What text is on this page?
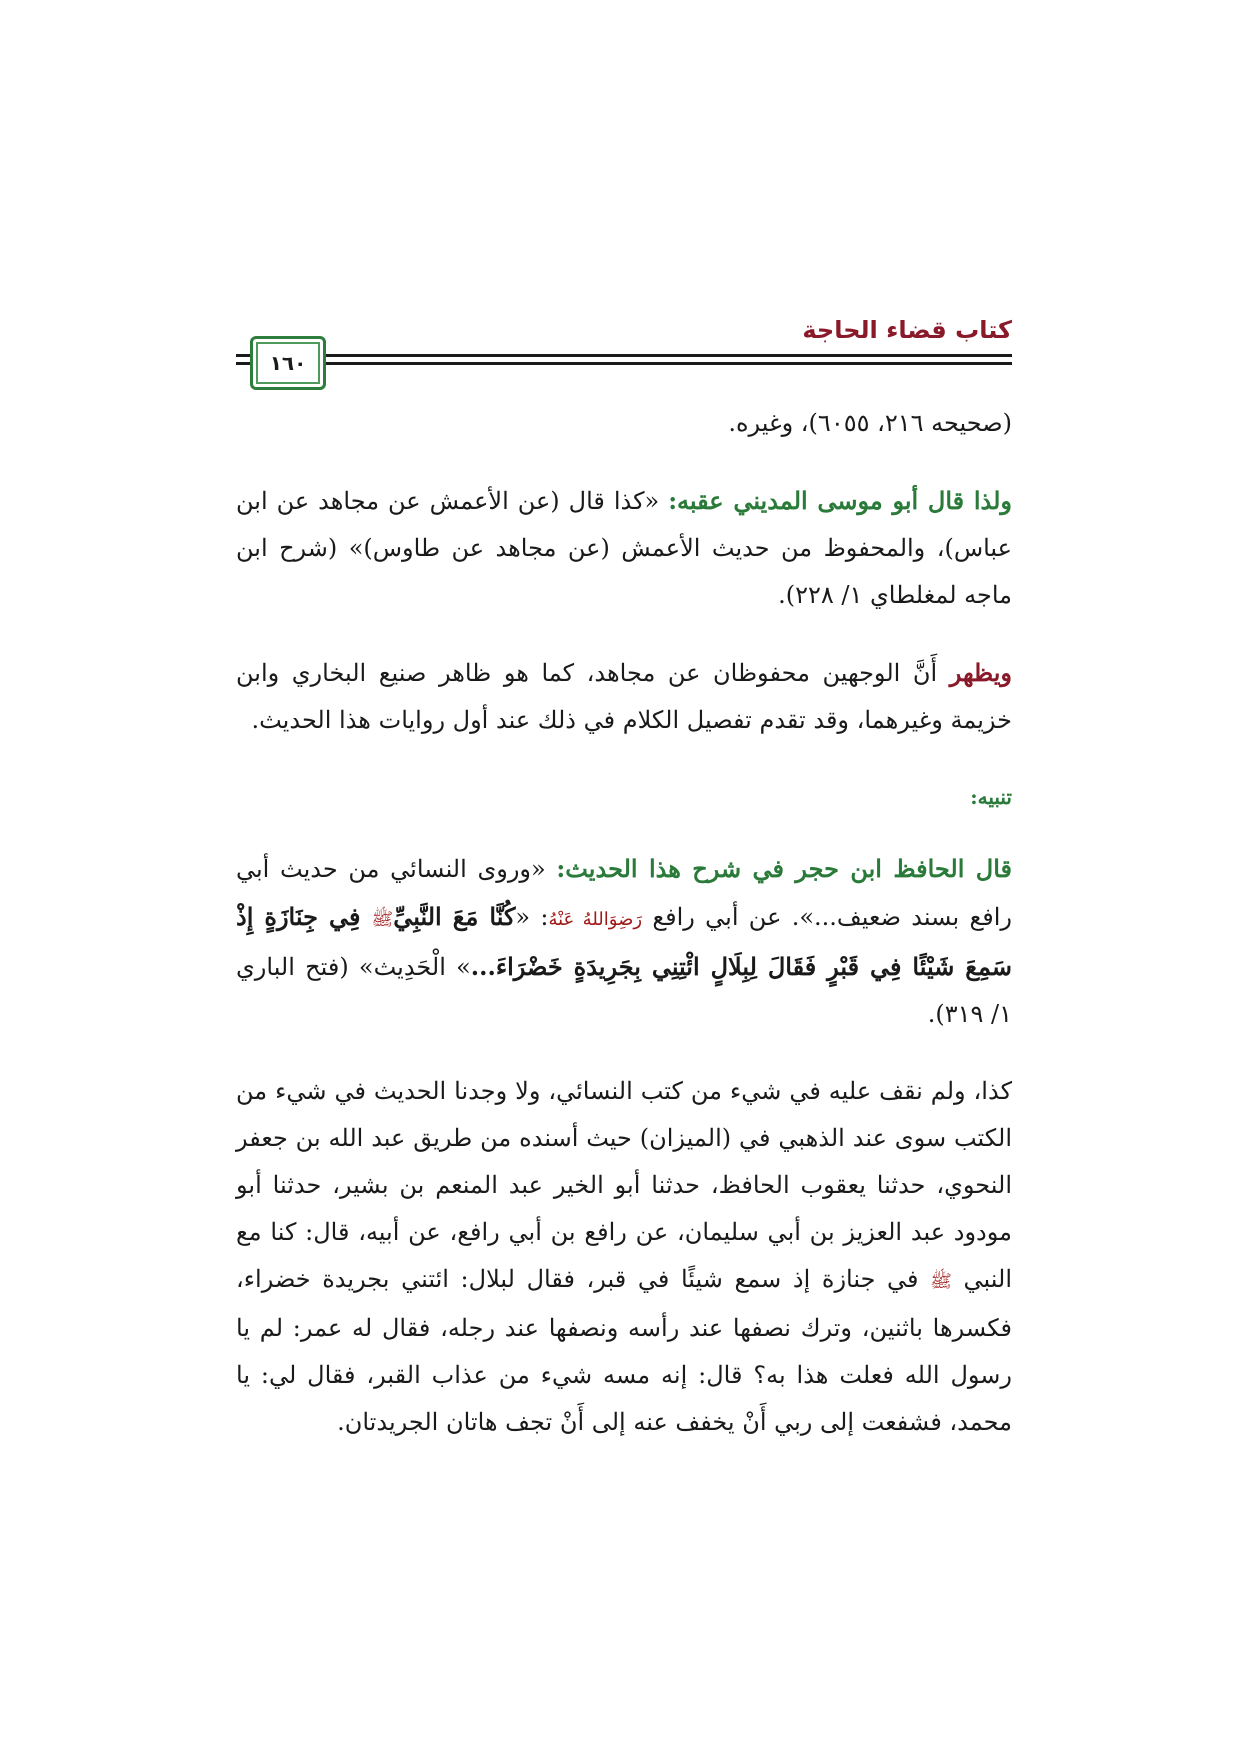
كتاب قضاء الحاجة
١٦٠

(صحيحه ٢١٦، ٦٠٥٥)، وغيره.

ولذا قال أبو موسى المديني عقبه: «كذا قال (عن الأعمش عن مجاهد عن ابن عباس)، والمحفوظ من حديث الأعمش (عن مجاهد عن طاوس)» (شرح ابن ماجه لمغلطاي ١/ ٢٢٨).

ويظهر أَنَّ الوجهين محفوظان عن مجاهد، كما هو ظاهر صنيع البخاري وابن خزيمة وغيرهما، وقد تقدم تفصيل الكلام في ذلك عند أول روايات هذا الحديث.

تنبيه:

قال الحافظ ابن حجر في شرح هذا الحديث: «وروى النسائي من حديث أبي رافع بسند ضعيف...». عن أبي رافع رَضِوَاللهُ عَنْهُ: «كُنَّا مَعَ النَّبِيِّﷺ فِي جِنَازَةٍ إِذْ سَمِعَ شَيْئًا فِي قَبْرٍ فَقَالَ لِبِلَالٍ ائْتِنِي بِجَرِيدَةٍ خَضْرَاءَ...» الْحَدِيث» (فتح الباري ١/ ٣١٩).

كذا، ولم نقف عليه في شيء من كتب النسائي، ولا وجدنا الحديث في شيء من الكتب سوى عند الذهبي في (الميزان) حيث أسنده من طريق عبد الله بن جعفر النحوي، حدثنا يعقوب الحافظ، حدثنا أبو الخير عبد المنعم بن بشير، حدثنا أبو مودود عبد العزيز بن أبي سليمان، عن رافع بن أبي رافع، عن أبيه، قال: كنا مع النبي ﷺ في جنازة إذ سمع شيئًا في قبر، فقال لبلال: ائتني بجريدة خضراء، فكسرها باثنين، وترك نصفها عند رأسه ونصفها عند رجله، فقال له عمر: لم يا رسول الله فعلت هذا به؟ قال: إنه مسه شيء من عذاب القبر، فقال لي: يا محمد، فشفعت إلى ربي أَنْ يخفف عنه إلى أَنْ تجف هاتان الجريدتان.
